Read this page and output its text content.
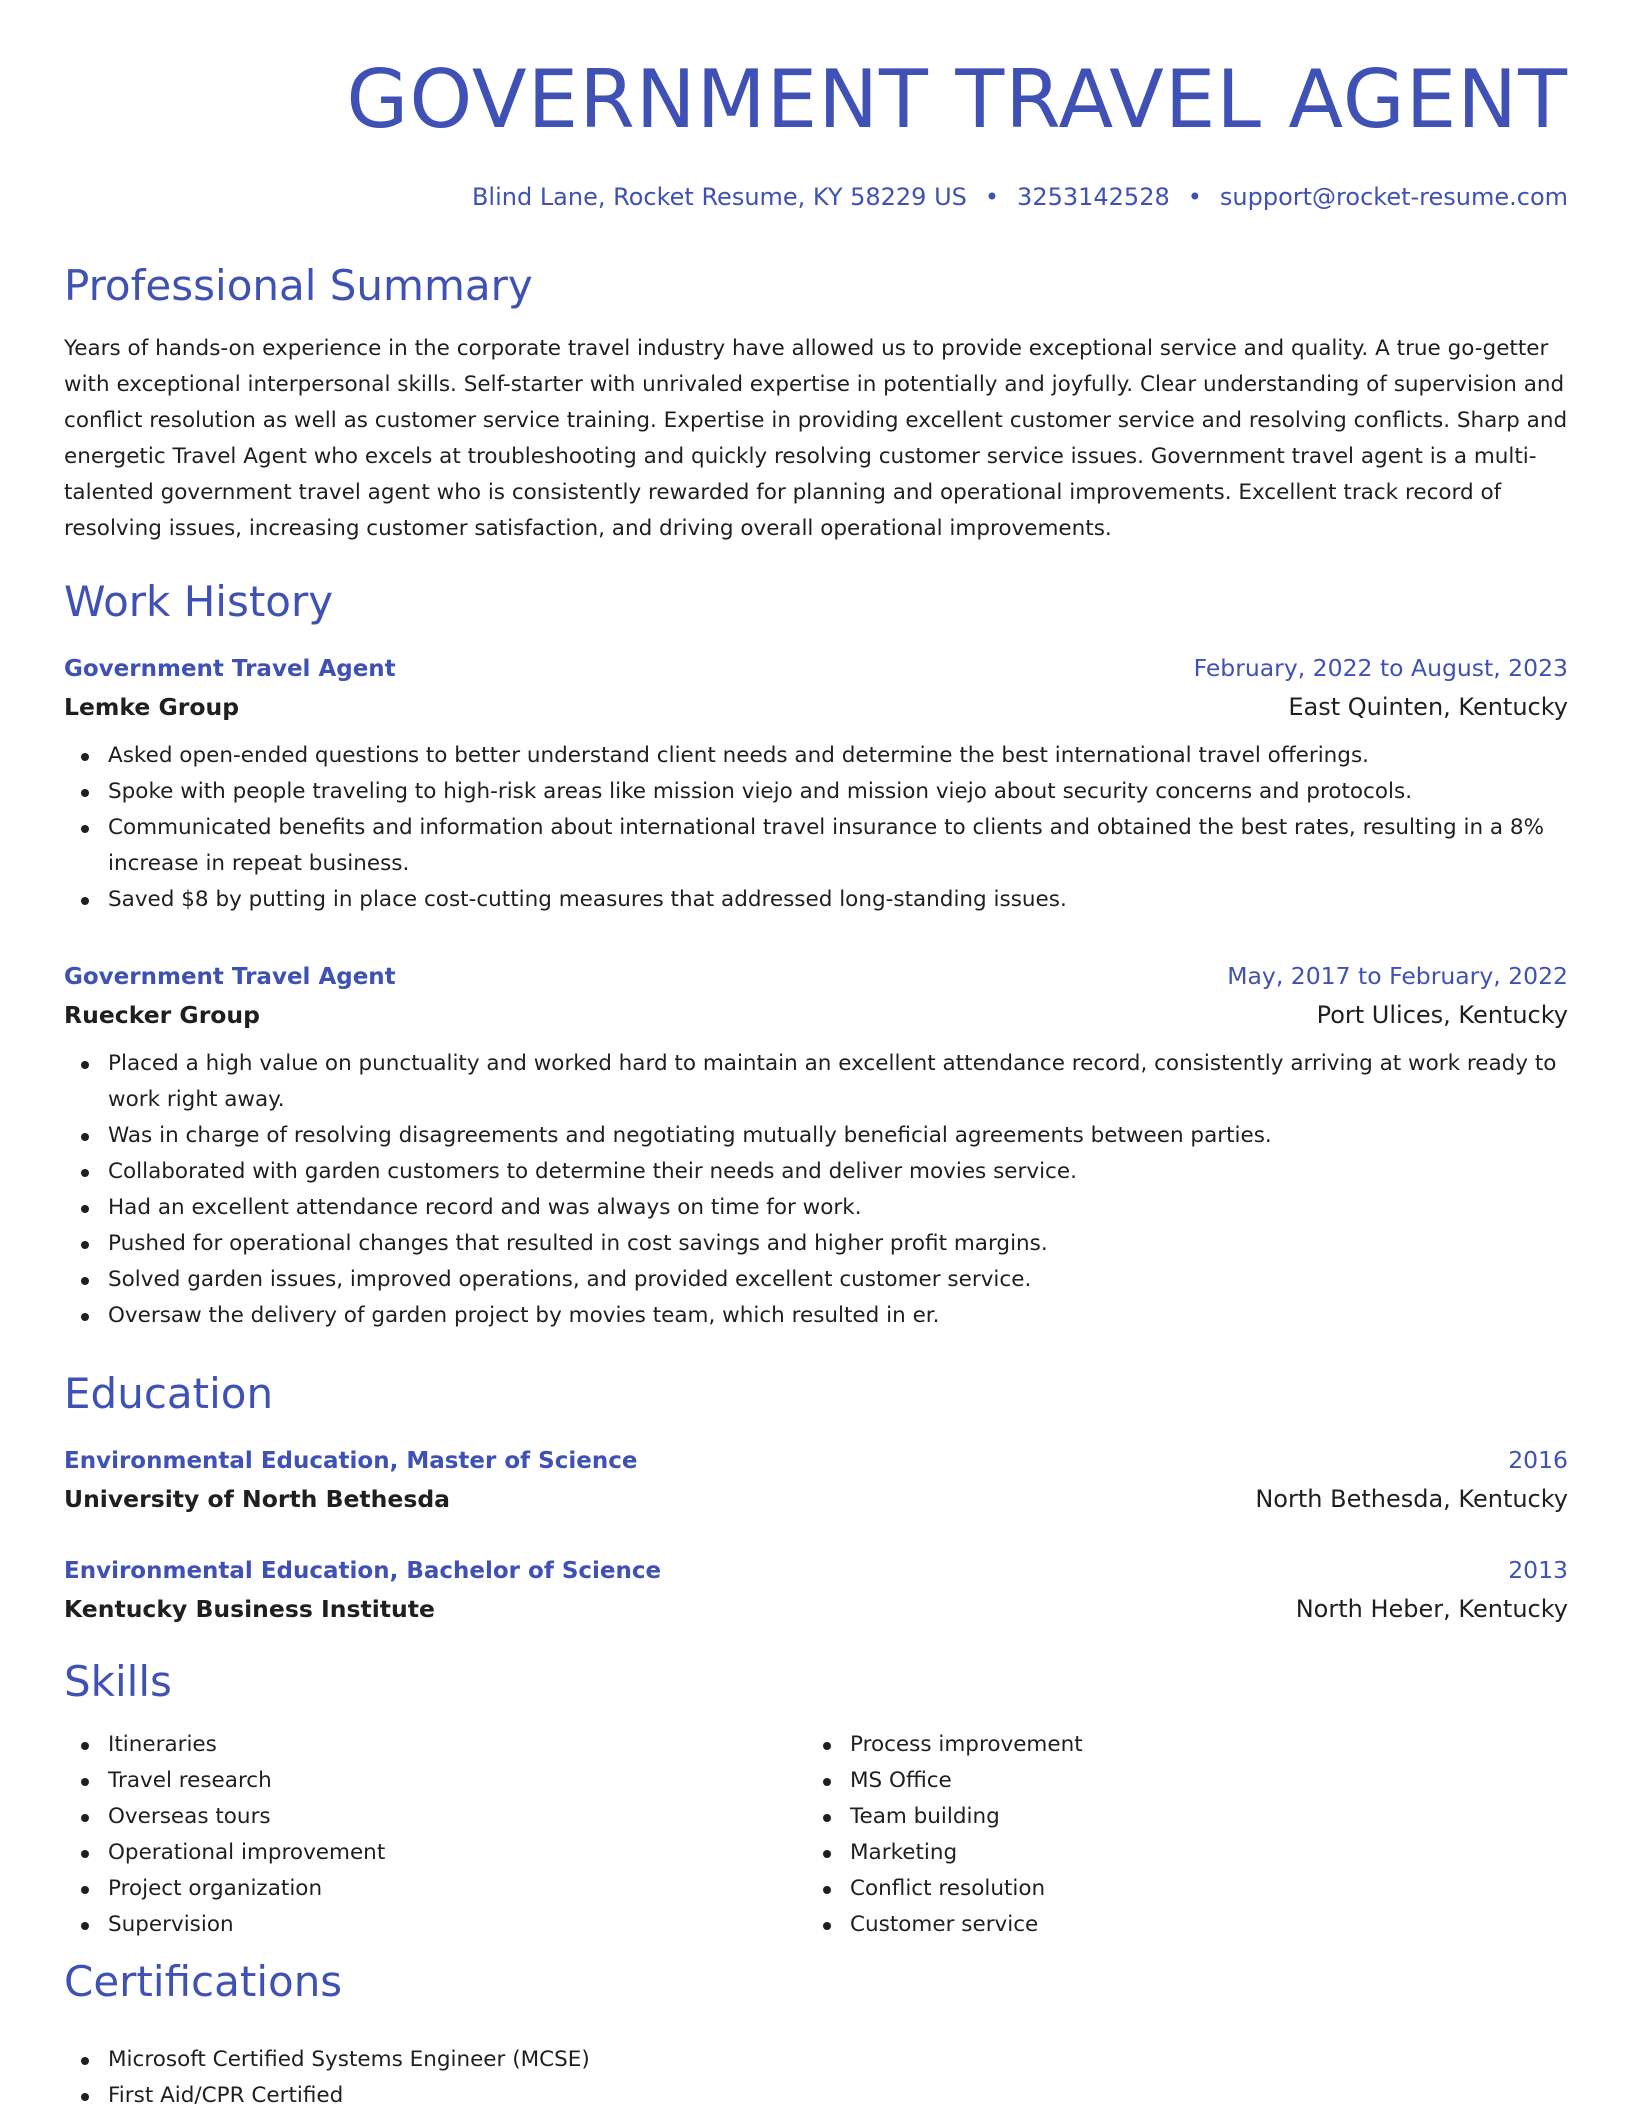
GOVERNMENT TRAVEL AGENT
Blind Lane, Rocket Resume, KY 58229 US • 3253142528 • support@rocket-resume.com
Professional Summary

Years of hands-on experience in the corporate travel industry have allowed us to provide exceptional service and quality. A true go-getter with exceptional interpersonal skills. Self-starter with unrivaled expertise in potentially and joyfully. Clear understanding of supervision and conflict resolution as well as customer service training. Expertise in providing excellent customer service and resolving conflicts. Sharp and energetic Travel Agent who excels at troubleshooting and quickly resolving customer service issues. Government travel agent is a multi-talented government travel agent who is consistently rewarded for planning and operational improvements. Excellent track record of resolving issues, increasing customer satisfaction, and driving overall operational improvements.

Work History
Government Travel Agent	February, 2022 to August, 2023
Lemke Group	East Quinten, Kentucky
Asked open-ended questions to better understand client needs and determine the best international travel offerings.
Spoke with people traveling to high-risk areas like mission viejo and mission viejo about security concerns and protocols.
Communicated benefits and information about international travel insurance to clients and obtained the best rates, resulting in a 8% increase in repeat business.
Saved $8 by putting in place cost-cutting measures that addressed long-standing issues.
Government Travel Agent	May, 2017 to February, 2022
Ruecker Group	Port Ulices, Kentucky
Placed a high value on punctuality and worked hard to maintain an excellent attendance record, consistently arriving at work ready to work right away.
Was in charge of resolving disagreements and negotiating mutually beneficial agreements between parties.
Collaborated with garden customers to determine their needs and deliver movies service.
Had an excellent attendance record and was always on time for work.
Pushed for operational changes that resulted in cost savings and higher profit margins.
Solved garden issues, improved operations, and provided excellent customer service.
Oversaw the delivery of garden project by movies team, which resulted in er.
Education
Environmental Education, Master of Science	2016
University of North Bethesda	North Bethesda, Kentucky
Environmental Education, Bachelor of Science	2013
Kentucky Business Institute	North Heber, Kentucky
Skills
Itineraries
Travel research
Overseas tours
Operational improvement
Project organization
Supervision
Process improvement
MS Office
Team building
Marketing
Conflict resolution
Customer service
Certifications
Microsoft Certified Systems Engineer (MCSE)
First Aid/CPR Certified
